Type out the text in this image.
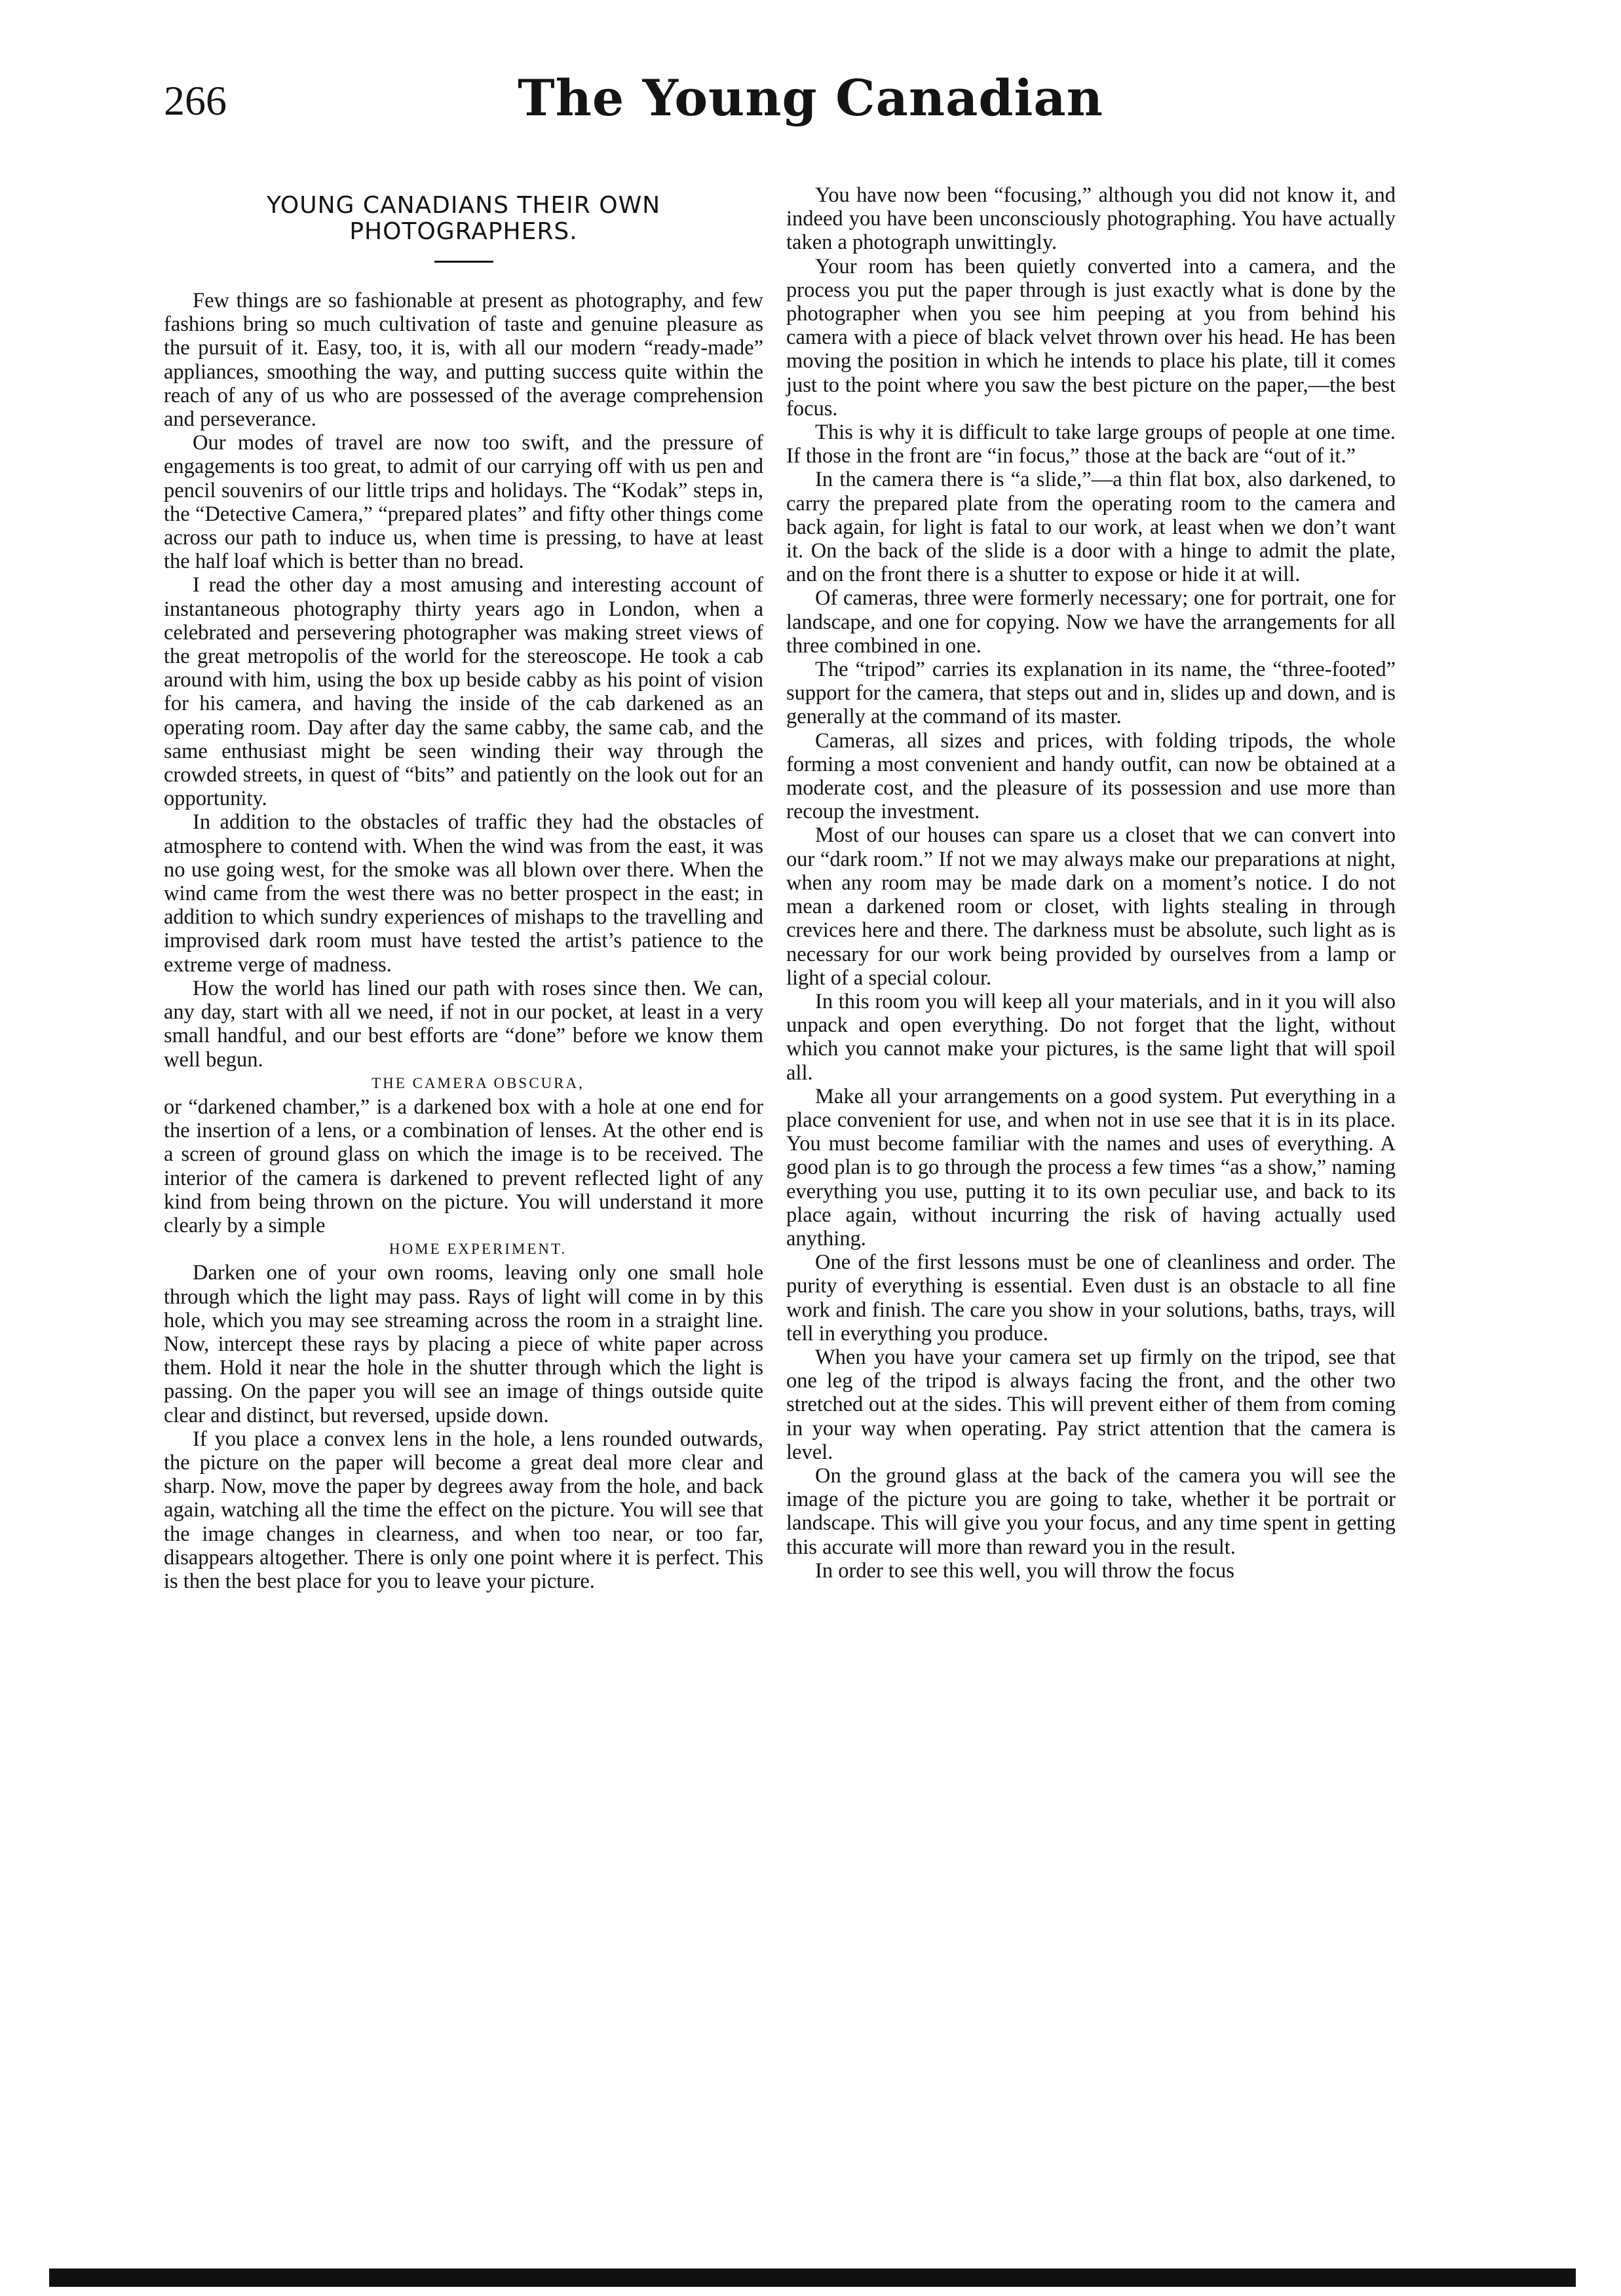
266	The Young Canadian
YOUNG CANADIANS THEIR OWN PHOTOGRAPHERS.

Few things are so fashionable at present as photography, and few fashions bring so much cultivation of taste and genuine pleasure as the pursuit of it. Easy, too, it is, with all our modern “ready-made” appliances, smoothing the way, and putting success quite within the reach of any of us who are possessed of the average comprehension and perseverance.

Our modes of travel are now too swift, and the pressure of engagements is too great, to admit of our carrying off with us pen and pencil souvenirs of our little trips and holidays. The “Kodak” steps in, the “Detective Camera,” “prepared plates” and fifty other things come across our path to induce us, when time is pressing, to have at least the half loaf which is better than no bread.

I read the other day a most amusing and interesting account of instantaneous photography thirty years ago in London, when a celebrated and persevering photographer was making street views of the great metropolis of the world for the stereoscope. He took a cab around with him, using the box up beside cabby as his point of vision for his camera, and having the inside of the cab darkened as an operating room. Day after day the same cabby, the same cab, and the same enthusiast might be seen winding their way through the crowded streets, in quest of “bits” and patiently on the look out for an opportunity.

In addition to the obstacles of traffic they had the obstacles of atmosphere to contend with. When the wind was from the east, it was no use going west, for the smoke was all blown over there. When the wind came from the west there was no better prospect in the east; in addition to which sundry experiences of mishaps to the travelling and improvised dark room must have tested the artist’s patience to the extreme verge of madness.

How the world has lined our path with roses since then. We can, any day, start with all we need, if not in our pocket, at least in a very small handful, and our best efforts are “done” before we know them well begun.

THE CAMERA OBSCURA,

or “darkened chamber,” is a darkened box with a hole at one end for the insertion of a lens, or a combination of lenses. At the other end is a screen of ground glass on which the image is to be received. The interior of the camera is darkened to prevent reflected light of any kind from being thrown on the picture. You will understand it more clearly by a simple

HOME EXPERIMENT.

Darken one of your own rooms, leaving only one small hole through which the light may pass. Rays of light will come in by this hole, which you may see streaming across the room in a straight line. Now, intercept these rays by placing a piece of white paper across them. Hold it near the hole in the shutter through which the light is passing. On the paper you will see an image of things outside quite clear and distinct, but reversed, upside down.

If you place a convex lens in the hole, a lens rounded outwards, the picture on the paper will become a great deal more clear and sharp. Now, move the paper by degrees away from the hole, and back again, watching all the time the effect on the picture. You will see that the image changes in clearness, and when too near, or too far, disappears altogether. There is only one point where it is perfect. This is then the best place for you to leave your picture.

You have now been “focusing,” although you did not know it, and indeed you have been unconsciously photographing. You have actually taken a photograph unwittingly.

Your room has been quietly converted into a camera, and the process you put the paper through is just exactly what is done by the photographer when you see him peeping at you from behind his camera with a piece of black velvet thrown over his head. He has been moving the position in which he intends to place his plate, till it comes just to the point where you saw the best picture on the paper,—the best focus.

This is why it is difficult to take large groups of people at one time. If those in the front are “in focus,” those at the back are “out of it.”

In the camera there is “a slide,”—a thin flat box, also darkened, to carry the prepared plate from the operating room to the camera and back again, for light is fatal to our work, at least when we don’t want it. On the back of the slide is a door with a hinge to admit the plate, and on the front there is a shutter to expose or hide it at will.

Of cameras, three were formerly necessary; one for portrait, one for landscape, and one for copying. Now we have the arrangements for all three combined in one.

The “tripod” carries its explanation in its name, the “three-footed” support for the camera, that steps out and in, slides up and down, and is generally at the command of its master.

Cameras, all sizes and prices, with folding tripods, the whole forming a most convenient and handy outfit, can now be obtained at a moderate cost, and the pleasure of its possession and use more than recoup the investment.

Most of our houses can spare us a closet that we can convert into our “dark room.” If not we may always make our preparations at night, when any room may be made dark on a moment’s notice. I do not mean a darkened room or closet, with lights stealing in through crevices here and there. The darkness must be absolute, such light as is necessary for our work being provided by ourselves from a lamp or light of a special colour.

In this room you will keep all your materials, and in it you will also unpack and open everything. Do not forget that the light, without which you cannot make your pictures, is the same light that will spoil all.

Make all your arrangements on a good system. Put everything in a place convenient for use, and when not in use see that it is in its place. You must become familiar with the names and uses of everything. A good plan is to go through the process a few times “as a show,” naming everything you use, putting it to its own peculiar use, and back to its place again, without incurring the risk of having actually used anything.

One of the first lessons must be one of cleanliness and order. The purity of everything is essential. Even dust is an obstacle to all fine work and finish. The care you show in your solutions, baths, trays, will tell in everything you produce.

When you have your camera set up firmly on the tripod, see that one leg of the tripod is always facing the front, and the other two stretched out at the sides. This will prevent either of them from coming in your way when operating. Pay strict attention that the camera is level.

On the ground glass at the back of the camera you will see the image of the picture you are going to take, whether it be portrait or landscape. This will give you your focus, and any time spent in getting this accurate will more than reward you in the result.

In order to see this well, you will throw the focus
